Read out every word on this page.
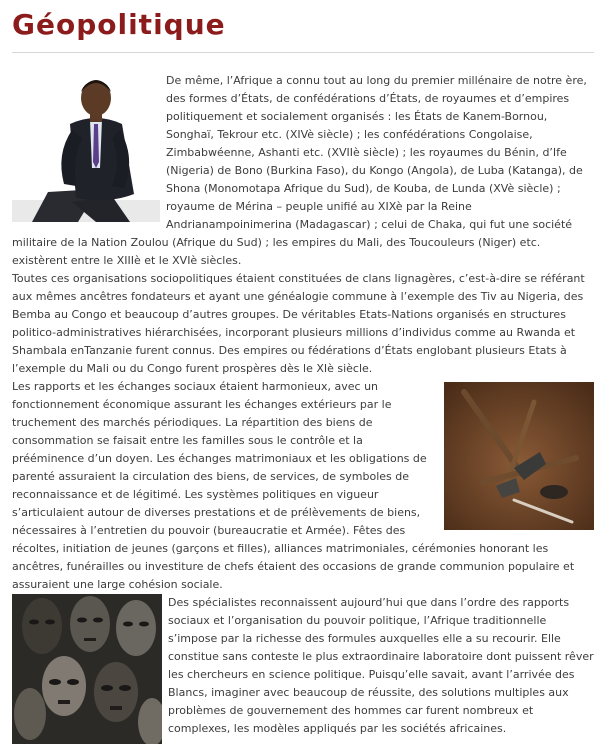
Géopolitique

De même, l’Afrique a connu tout au long du premier millénaire de notre ère, des formes d’États, de confédérations d’États, de royaumes et d’empires politiquement et socialement organisés : les États de Kanem-Bornou, Songhaï, Tekrour etc. (XIVè siècle) ; les confédérations Congolaise, Zimbabwéenne, Ashanti etc. (XVIIè siècle) ; les royaumes du Bénin, d’Ife (Nigeria) de Bono (Burkina Faso), du Kongo (Angola), de Luba (Katanga), de Shona (Monomotapa Afrique du Sud), de Kouba, de Lunda (XVè siècle) ; royaume de Mérina – peuple unifié au XIXè par la Reine Andrianampoinimerina (Madagascar) ; celui de Chaka, qui fut une société militaire de la Nation Zoulou (Afrique du Sud) ; les empires du Mali, des Toucouleurs (Niger) etc. existèrent entre le XIIIè et le XVIè siècles.

Toutes ces organisations sociopolitiques étaient constituées de clans lignagères, c’est-à-dire se référant aux mêmes ancêtres fondateurs et ayant une généalogie commune à l’exemple des Tiv au Nigeria, des Bemba au Congo et beaucoup d’autres groupes. De véritables Etats-Nations organisés en structures politico-administratives hiérarchisées, incorporant plusieurs millions d’individus comme au Rwanda et Shambala enTanzanie furent connus. Des empires ou fédérations d’États englobant plusieurs Etats à l’exemple du Mali ou du Congo furent prospères dès le XIè siècle.

Les rapports et les échanges sociaux étaient harmonieux, avec un fonctionnement économique assurant les échanges extérieurs par le truchement des marchés périodiques. La répartition des biens de consommation se faisait entre les familles sous le contrôle et la prééminence d’un doyen. Les échanges matrimoniaux et les obligations de parenté assuraient la circulation des biens, de services, de symboles de reconnaissance et de légitimé. Les systèmes politiques en vigueur s’articulaient autour de diverses prestations et de prélèvements de biens, nécessaires à l’entretien du pouvoir (bureaucratie et Armée). Fêtes des récoltes, initiation de jeunes (garçons et filles), alliances matrimoniales, cérémonies honorant les ancêtres, funérailles ou investiture de chefs étaient des occasions de grande communion populaire et assuraient une large cohésion sociale.

Des spécialistes reconnaissent aujourd’hui que dans l’ordre des rapports sociaux et l’organisation du pouvoir politique, l’Afrique traditionnelle s’impose par la richesse des formules auxquelles elle a su recourir. Elle constitue sans conteste le plus extraordinaire laboratoire dont puissent rêver les chercheurs en science politique. Puisqu’elle savait, avant l’arrivée des Blancs, imaginer avec beaucoup de réussite, des solutions multiples aux problèmes de gouvernement des hommes car furent nombreux et complexes, les modèles appliqués par les sociétés africaines.
